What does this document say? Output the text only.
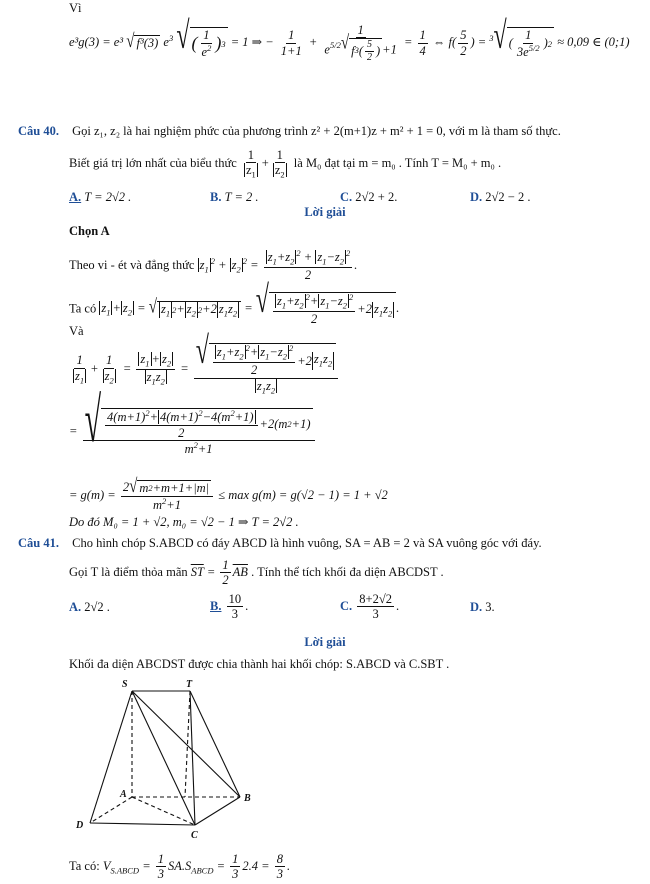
Vì
e³g(3) = e³ √ f³(3) $e^3$ √ ( $\frac{1}{e^2}$ ) 3 = 1 ⇒ − $\frac{1}{1+1} + \frac{1}{e^{5/2} √ f 3 ( \frac{5}{2} ) +1} = \frac{1}{4}$ ⇔ $f( \frac{5}{2}$ ) = $^3$ √ ( $\frac{1}{3e^{5/2}}$ ) 2 ≈ 0,09 ∈ (0;1)
Câu 40. Gọi z₁, z₂ là hai nghiệm phức của phương trình z² + 2(m+1)z + m² + 1 = 0, với m là tham số thực.
Biết giá trị lớn nhất của biểu thức $\frac{1}{z_1} + \frac{1}{z_2}$ là M₀ đạt tại m = m₀ . Tính T = M₀ + m₀ .
A. T = 2√2 .	B. T = 2 .	C. 2√2 + 2.	D. 2√2 − 2 .
Lời giải
Chọn A
Theo vi - ét và đẳng thức $z_1^2 + z_2^2 = \frac{z_1+z_2^2 + z_1-z_2^2}{2}$ .
Ta có $z_1 + z_2$ = √ $z_1$ $2 + z_2$ 2 +2 $z_1z_2$ = √ $\frac{z_1+z_2^2+ z_1-z_2^2}{2} +2$ $z_1z_2$ .
Và
$\frac{1}{z_1} + \frac{1}{z_2} = \frac{z_1 + z_2}{z_1z_2} = \frac{√ \frac{z_1+z_2^2+ z_1-z_2^2}{2} +2 z_1z_2}{z_1z_2}$
= $\frac{√ \frac{4(m+1)^2+ 4(m+1)^2-4(m^2+1)}{2} +2(m 2 +1)}{m^2+1}$
= $g(m) = \frac{2 √ m 2 +m+1+|m|}{m^2+1} \le \max g(m) = g(√2 - 1) = 1 + √2$
Do đó M₀ = 1 + √2, m₀ = √2 − 1 ⇒ T = 2√2 .
Câu 41. Cho hình chóp S.ABCD có đáy ABCD là hình vuông, SA = AB = 2 và SA vuông góc với đáy.
Gọi T là điểm thỏa mãn $\overline{ST} = \frac{1}{2} \overline{AB}$ . Tính thể tích khối đa diện ABCDST .
A. 2√2 .	B. $\frac{10}{3}$ .	C. $\frac{8+2√2}{3}$ .	D. 3.
Lời giải
Khối đa diện ABCDST được chia thành hai khối chóp: S.ABCD và C.SBT .
S	T
A	B
C
D
Ta có: $V_{S.ABCD} = \frac{1}{3} SA.S_{ABCD} = \frac{1}{3} 2.4 = \frac{8}{3}$ .
